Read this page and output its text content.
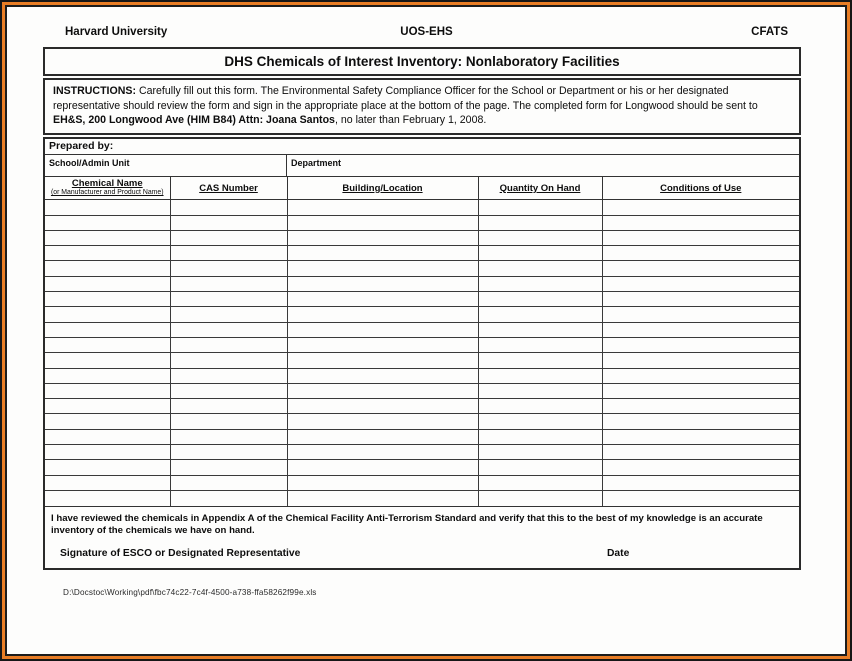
Harvard University	UOS-EHS	CFATS
DHS Chemicals of Interest Inventory: Nonlaboratory Facilities
INSTRUCTIONS: Carefully fill out this form. The Environmental Safety Compliance Officer for the School or Department or his or her designated representative should review the form and sign in the appropriate place at the bottom of the page. The completed form for Longwood should be sent to EH&S, 200 Longwood Ave (HIM B84) Attn: Joana Santos, no later than February 1, 2008.
Prepared by:
School/Admin Unit	Department
Chemical Name
(or Manufacturer and Product Name)	CAS Number	Building/Location	Quantity On Hand	Conditions of Use

I have reviewed the chemicals in Appendix A of the Chemical Facility Anti-Terrorism Standard and verify that this to the best of my knowledge is an accurate inventory of the chemicals we have on hand.
Signature of ESCO or Designated Representative	Date
D:\Docstoc\Working\pdf\fbc74c22-7c4f-4500-a738-ffa58262f99e.xls
